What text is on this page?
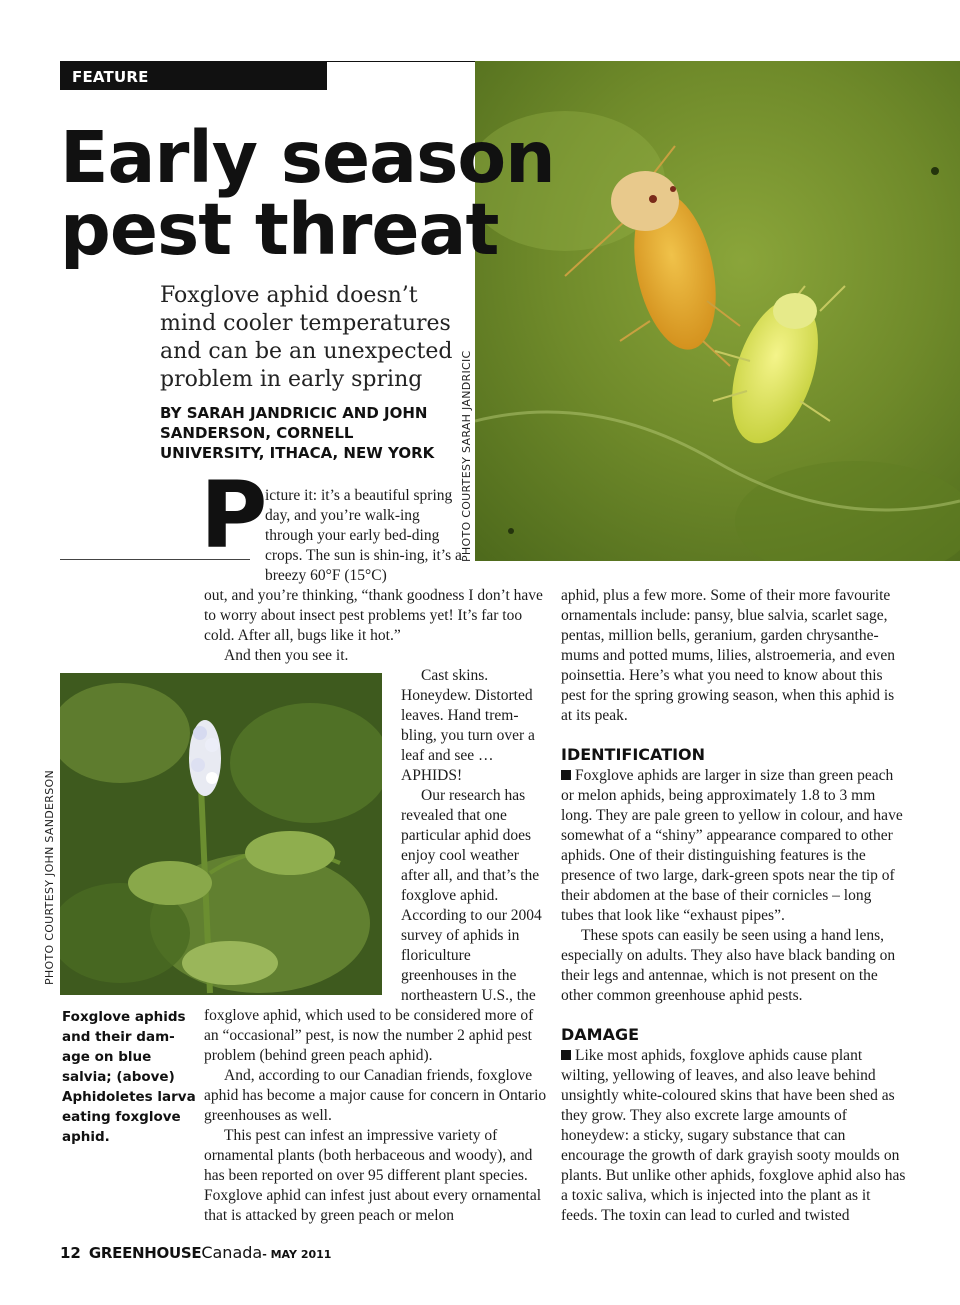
FEATURE
Early season
pest threat
Foxglove aphid doesn’t mind cooler temperatures and can be an unexpected problem in early spring
BY SARAH JANDRICIC AND JOHN SANDERSON, CORNELL UNIVERSITY, ITHACA, NEW YORK	PHOTO COURTESY SARAH JANDRICIC
P
icture it: it’s a beautiful spring day, and you’re walk-ing through your early bed-ding crops. The sun is shin-ing, it’s a breezy 60°F (15°C)

out, and you’re thinking, “thank goodness I don’t have to worry about insect pest problems yet! It’s far too cold. After all, bugs like it hot.”

And then you see it.

PHOTO COURTESY JOHN SANDERSON

Cast skins. Honeydew. Distorted leaves. Hand trem-bling, you turn over a leaf and see … APHIDS!

Our research has revealed that one particular aphid does enjoy cool weather after all, and that’s the foxglove aphid. According to our 2004 survey of aphids in floriculture greenhouses in the northeastern U.S., the

Foxglove aphids and their dam-age on blue salvia; (above) Aphidoletes larva eating foxglove aphid.

foxglove aphid, which used to be considered more of an “occasional” pest, is now the number 2 aphid pest problem (behind green peach aphid).

And, according to our Canadian friends, foxglove aphid has become a major cause for concern in Ontario greenhouses as well.

This pest can infest an impressive variety of ornamental plants (both herbaceous and woody), and has been reported on over 95 different plant species. Foxglove aphid can infest just about every ornamental that is attacked by green peach or melon

aphid, plus a few more. Some of their more favourite ornamentals include: pansy, blue salvia, scarlet sage, pentas, million bells, geranium, garden chrysanthe-mums and potted mums, lilies, alstroemeria, and even poinsettia. Here’s what you need to know about this pest for the spring growing season, when this aphid is at its peak.
IDENTIFICATION

Foxglove aphids are larger in size than green peach or melon aphids, being approximately 1.8 to 3 mm long. They are pale green to yellow in colour, and have somewhat of a “shiny” appearance compared to other aphids. One of their distinguishing features is the presence of two large, dark-green spots near the tip of their abdomen at the base of their cornicles – long tubes that look like “exhaust pipes”.

These spots can easily be seen using a hand lens, especially on adults. They also have black banding on their legs and antennae, which is not present on the other common greenhouse aphid pests.

DAMAGE

Like most aphids, foxglove aphids cause plant wilting, yellowing of leaves, and also leave behind unsightly white-coloured skins that have been shed as they grow. They also excrete large amounts of honeydew: a sticky, sugary substance that can encourage the growth of dark grayish sooty moulds on plants. But unlike other aphids, foxglove aphid also has a toxic saliva, which is injected into the plant as it feeds. The toxin can lead to curled and twisted

12 GREENHOUSECanada- MAY 2011
